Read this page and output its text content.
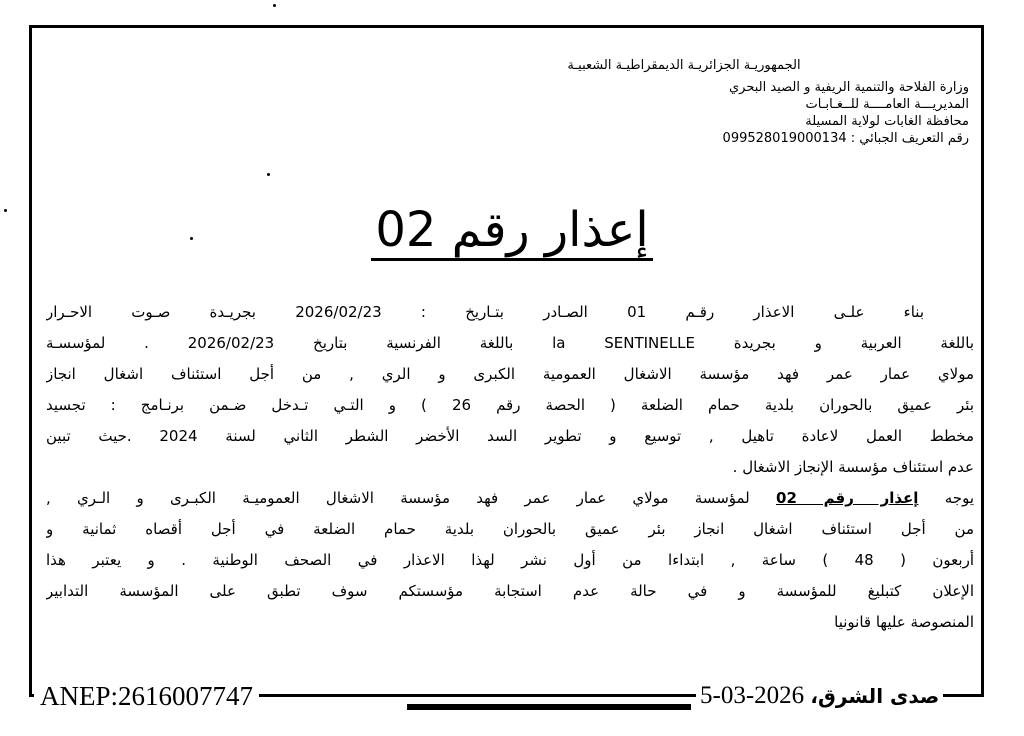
الجمهوريـة الجزائريـة الديمقراطيـة الشعبيـة
وزارة الفلاحة والتنمية الريفية و الصيد البحري
المديريـــة العامــــة للــغـابـات
محافظة الغابات لولاية المسيلة
رقم التعريف الجبائي : 099528019000134
إعذار رقم 02
بناء علـى الاعذار رقـم 01 الصـادر بتـاريخ : 2026/02/23 بجريـدة صـوت الاحـرار
باللغة العربية و بجريدة la SENTINELLE باللغة الفرنسية بتاريخ 2026/02/23 . لمؤسسـة
مولاي عمار عمر فهد مؤسسة الاشغال العمومية الكبرى و الري , من أجل استئناف اشغال انجاز
بئر عميق بالحوران بلدية حمام الضلعة ( الحصة رقم 26 ) و التـي تـدخل ضـمن برنـامج : تجسيد
مخطط العمل لاعادة تاهيل , توسيع و تطوير السد الأخضر الشطر الثاني لسنة 2024 .حيث تبين
عدم استئناف مؤسسة الإنجاز الاشغال .
يوجه إعذار رقم 02 لمؤسسة مولاي عمار عمر فهد مؤسسة الاشغال العموميـة الكبـرى و الـري ,
من أجل استئناف اشغال انجاز بئر عميق بالحوران بلدية حمام الضلعة في أجل أقصاه ثمانية و
أربعون ( 48 ) ساعة , ابتداءا من أول نشر لهذا الاعذار في الصحف الوطنية . و يعتبر هذا
الإعلان كتبليغ للمؤسسة و في حالة عدم استجابة مؤسستكم سوف تطبق على المؤسسة التدابير
المنصوصة عليها قانونيا
ANEP:2616007747	صدى الشرق، 2026-03-5
